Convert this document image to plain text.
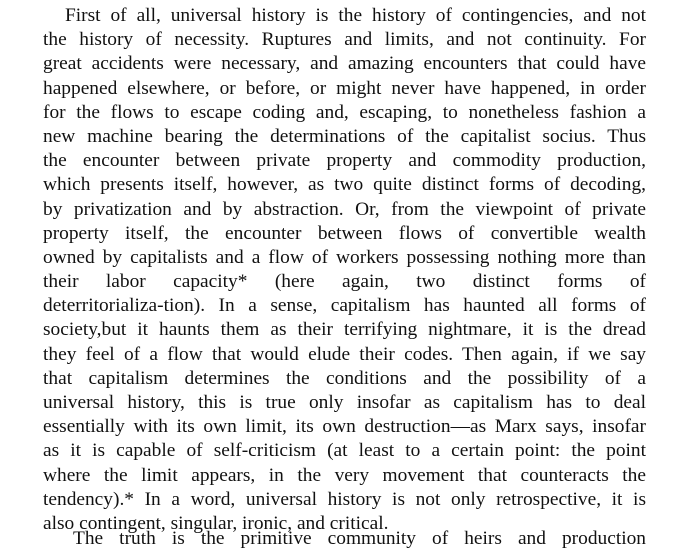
First of all, universal history is the history of contingencies, and not
the history of necessity. Ruptures and limits, and not continuity. For
great accidents were necessary, and amazing encounters that could have
happened elsewhere, or before, or might never have happened, in order
for the flows to escape coding and, escaping, to nonetheless fashion a
new machine bearing the determinations of the capitalist socius. Thus
the encounter between private property and commodity production,
which presents itself, however, as two quite distinct forms of decoding,
by privatization and by abstraction. Or, from the viewpoint of private
property itself, the encounter between flows of convertible wealth
owned by capitalists and a flow of workers possessing nothing more than
their labor capacity* (here again, two distinct forms of
deterritorializa-tion). In a sense, capitalism has haunted all forms of
society,but it haunts them as their terrifying nightmare, it is the dread
they feel of a flow that would elude their codes. Then again, if we say
that capitalism determines the conditions and the possibility of a
universal history, this is true only insofar as capitalism has to deal
essentially with its own limit, its own destruction—as Marx says, insofar
as it is capable of self-criticism (at least to a certain point: the point
where the limit appears, in the very movement that counteracts the
tendency).* In a word, universal history is not only retrospective, it is
also contingent, singular, ironic, and critical.
The truth is the primitive community of heirs and production
